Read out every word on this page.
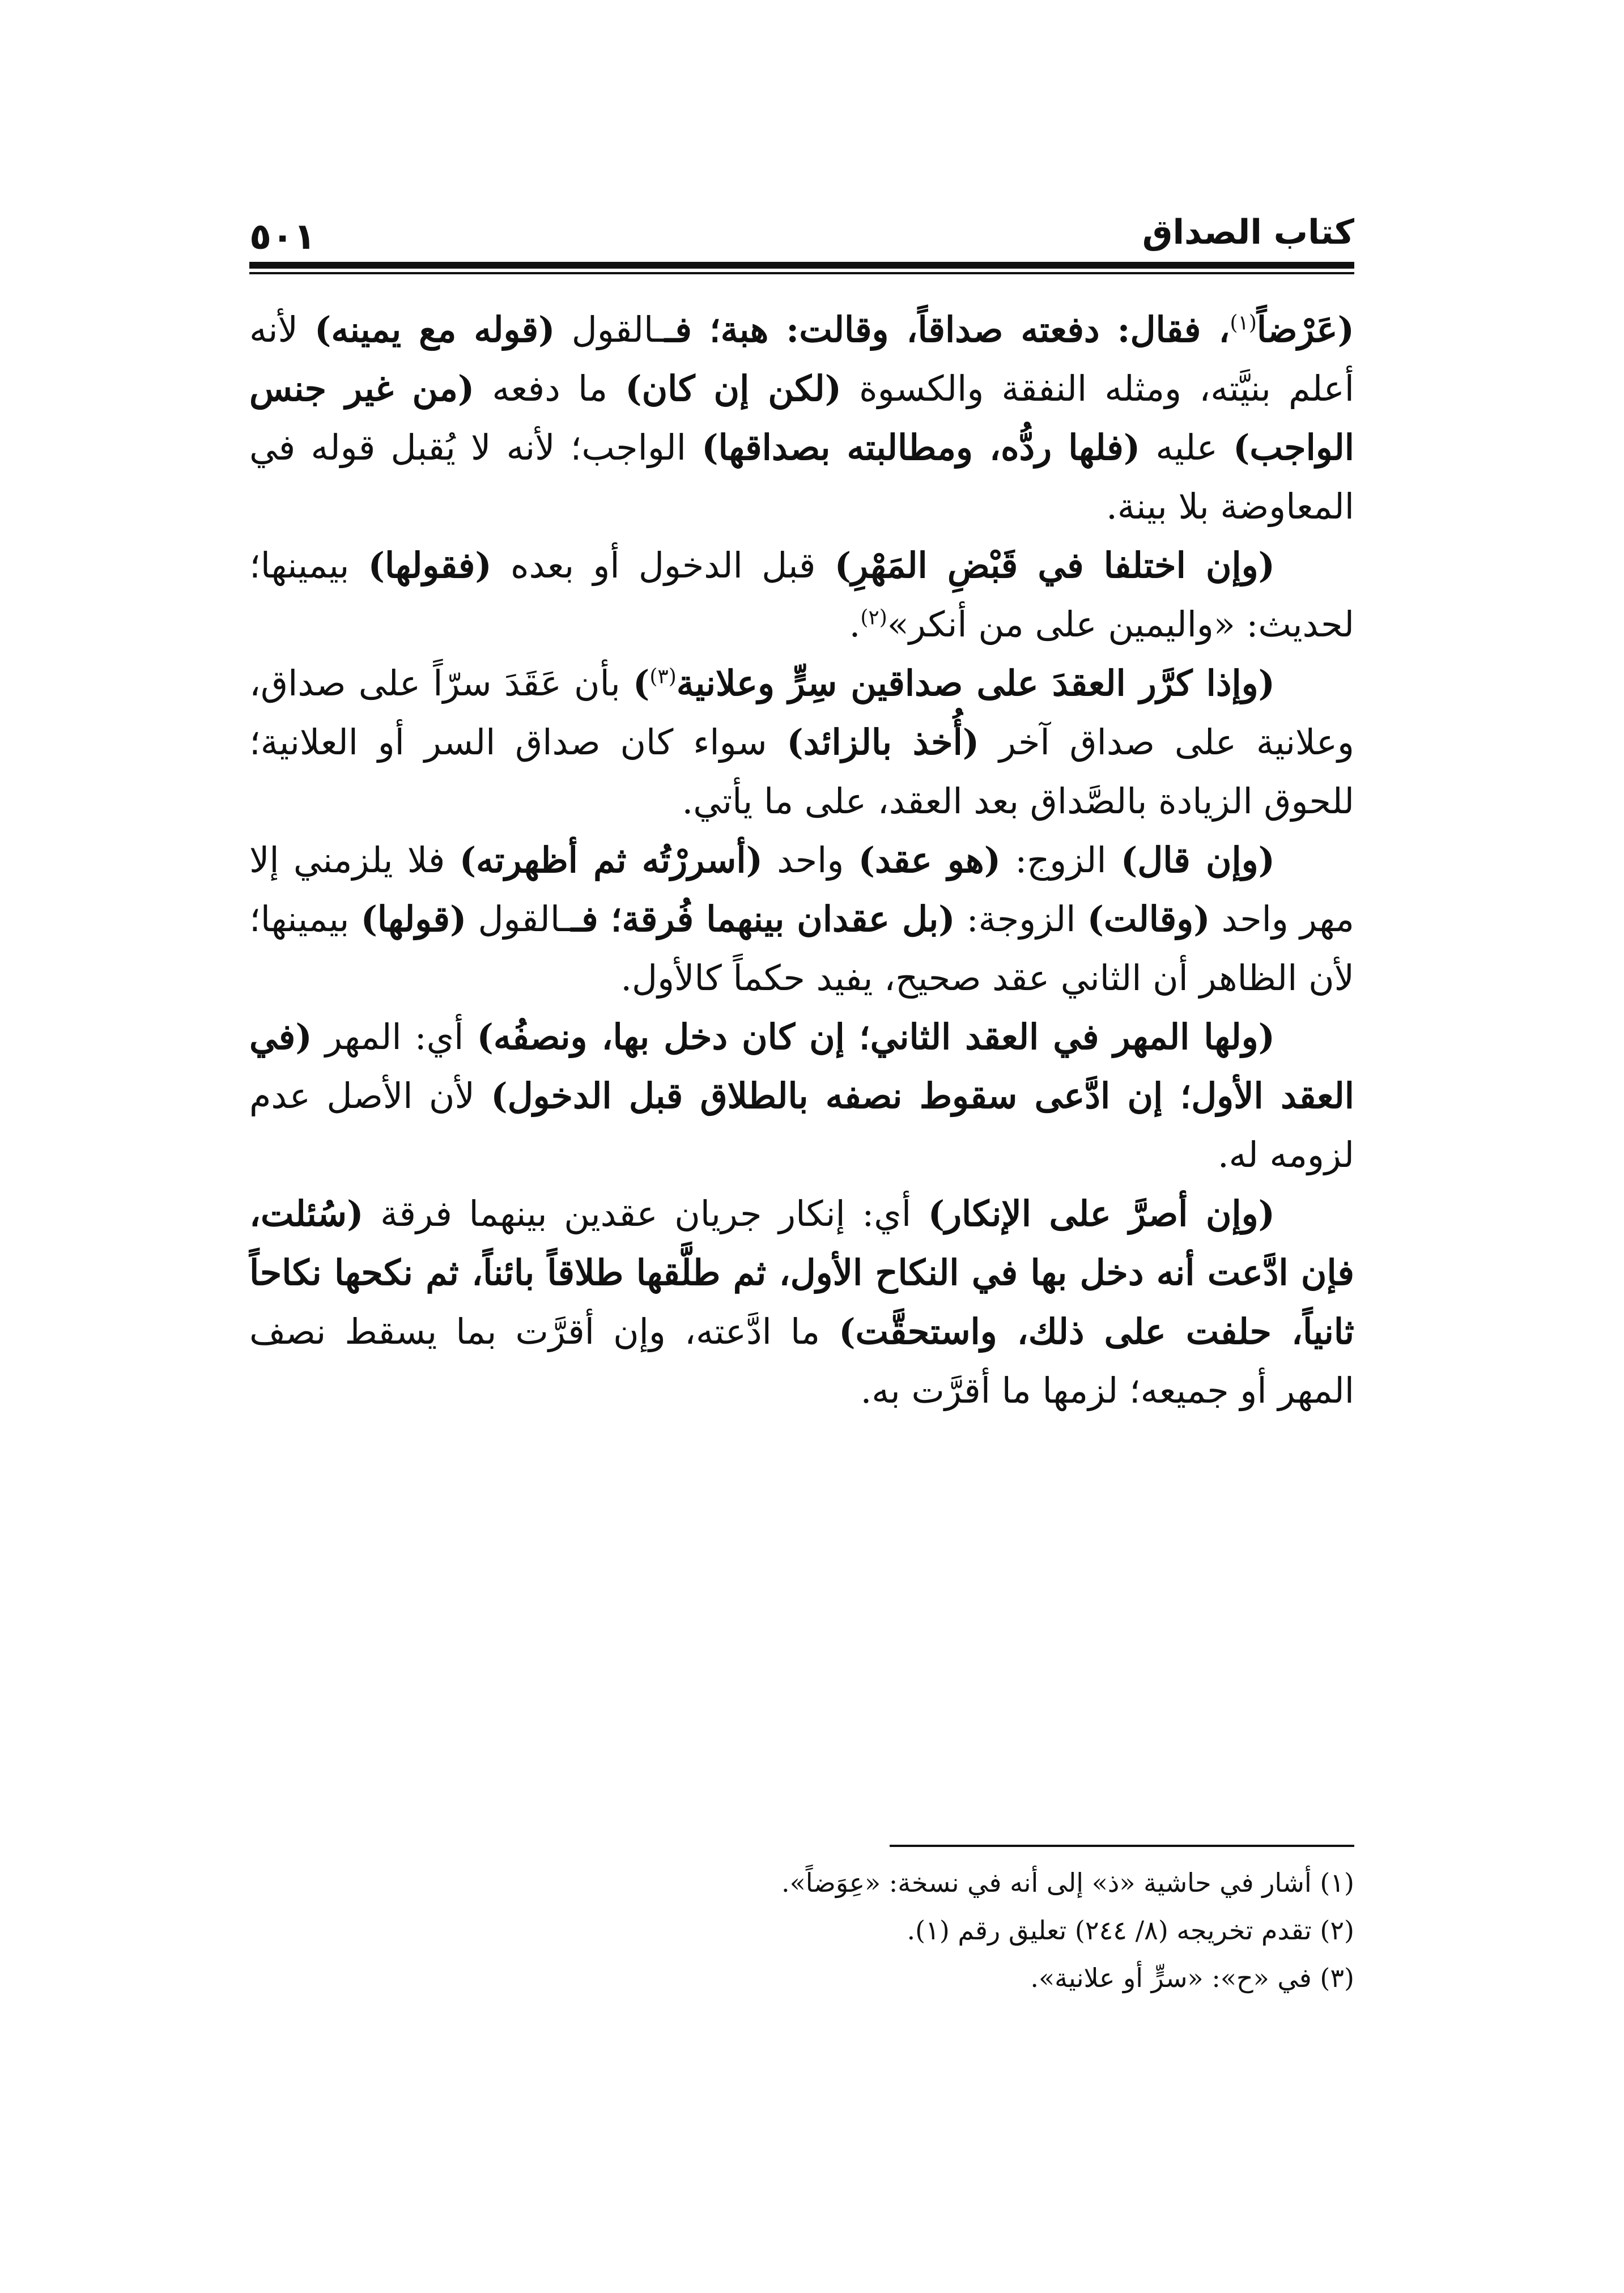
كتاب الصداق
٥٠١

(عَرْضاً$^{(١)}$، فقال: دفعته صداقاً، وقالت: هبة؛ فــالقول (قوله مع يمينه) لأنه أعلم بنيَّته، ومثله النفقة والكسوة (لكن إن كان) ما دفعه (من غير جنس الواجب) عليه (فلها ردُّه، ومطالبته بصداقها) الواجب؛ لأنه لا يُقبل قوله في المعاوضة بلا بينة.

(وإن اختلفا في قَبْضِ المَهْرِ) قبل الدخول أو بعده (فقولها) بيمينها؛ لحديث: «واليمين على من أنكر»$^{(٢)}$.

(وإذا كرَّر العقدَ على صداقين سِرٍّ وعلانية$^{(٣)}$) بأن عَقَدَ سرّاً على صداق، وعلانية على صداق آخر (أُخذ بالزائد) سواء كان صداق السر أو العلانية؛ للحوق الزيادة بالصَّداق بعد العقد، على ما يأتي.

(وإن قال) الزوج: (هو عقد) واحد (أسررْتُه ثم أظهرته) فلا يلزمني إلا مهر واحد (وقالت) الزوجة: (بل عقدان بينهما فُرقة؛ فــالقول (قولها) بيمينها؛ لأن الظاهر أن الثاني عقد صحيح، يفيد حكماً كالأول.

(ولها المهر في العقد الثاني؛ إن كان دخل بها، ونصفُه) أي: المهر (في العقد الأول؛ إن ادَّعى سقوط نصفه بالطلاق قبل الدخول) لأن الأصل عدم لزومه له.

(وإن أصرَّ على الإنكار) أي: إنكار جريان عقدين بينهما فرقة (سُئلت، فإن ادَّعت أنه دخل بها في النكاح الأول، ثم طلَّقها طلاقاً بائناً، ثم نكحها نكاحاً ثانياً، حلفت على ذلك، واستحقَّت) ما ادَّعته، وإن أقرَّت بما يسقط نصف المهر أو جميعه؛ لزمها ما أقرَّت به.

(١) أشار في حاشية «ذ» إلى أنه في نسخة: «عِوَضاً».

(٢) تقدم تخريجه (٨/ ٢٤٤) تعليق رقم (١).

(٣) في «ح»: «سرٍّ أو علانية».
